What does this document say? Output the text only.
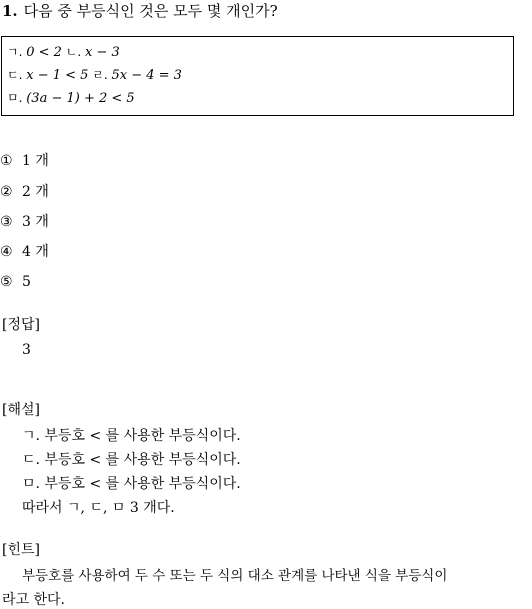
1. 다음 중 부등식인 것은 모두 몇 개인가?
ㄱ. 0 < 2 ㄴ. x − 3
ㄷ. x − 1 < 5 ㄹ. 5x − 4 = 3
ㅁ. (3a − 1) + 2 < 5
① 1 개
② 2 개
③ 3 개
④ 4 개
⑤ 5
[정답]
3
[해설]
ㄱ. 부등호 < 를 사용한 부등식이다.
ㄷ. 부등호 < 를 사용한 부등식이다.
ㅁ. 부등호 < 를 사용한 부등식이다.
따라서 ㄱ, ㄷ, ㅁ 3 개다.
[힌트]
부등호를 사용하여 두 수 또는 두 식의 대소 관계를 나타낸 식을 부등식이
라고 한다.
